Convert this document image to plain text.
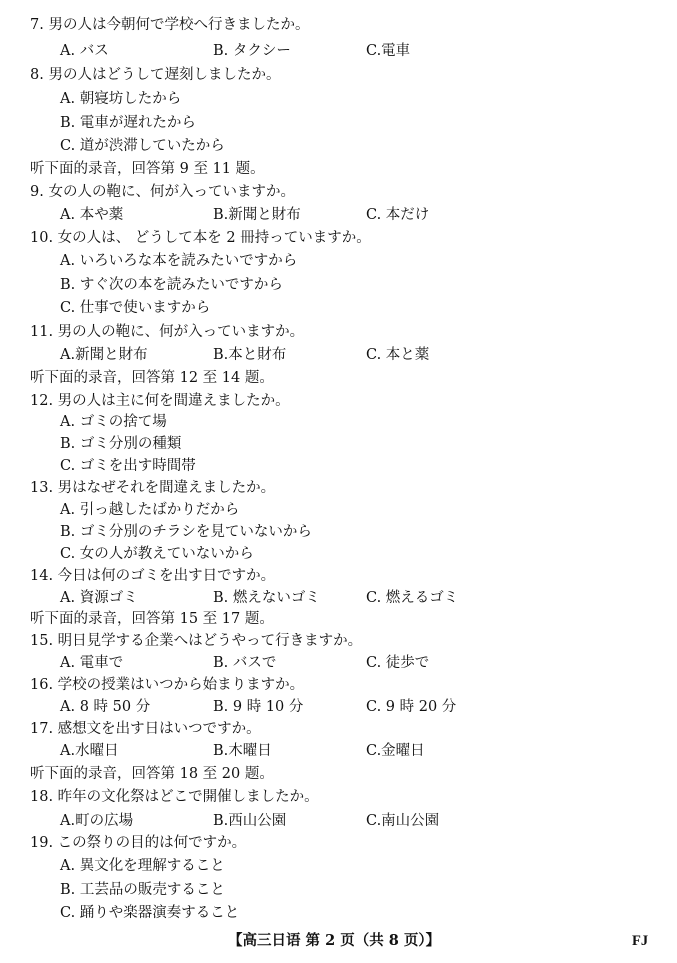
7. 男の人は今朝何で学校へ行きましたか。
A. バス	B. タクシー	C.電車
8. 男の人はどうして遅刻しましたか。
A. 朝寝坊したから
B. 電車が遅れたから
C. 道が渋滞していたから
听下面的录音，回答第 9 至 11 题。
9. 女の人の鞄に、何が入っていますか。
A. 本や薬	B.新聞と財布	C. 本だけ
10. 女の人は、 どうして本を 2 冊持っていますか。
A. いろいろな本を読みたいですから
B. すぐ次の本を読みたいですから
C. 仕事で使いますから
11. 男の人の鞄に、何が入っていますか。
A.新聞と財布	B.本と財布	C. 本と薬
听下面的录音，回答第 12 至 14 题。
12. 男の人は主に何を間違えましたか。
A. ゴミの捨て場
B. ゴミ分別の種類
C. ゴミを出す時間帯
13. 男はなぜそれを間違えましたか。
A. 引っ越したばかりだから
B. ゴミ分別のチラシを見ていないから
C. 女の人が教えていないから
14. 今日は何のゴミを出す日ですか。
A. 資源ゴミ	B. 燃えないゴミ	C. 燃えるゴミ
听下面的录音，回答第 15 至 17 题。
15. 明日見学する企業へはどうやって行きますか。
A. 電車で	B. バスで	C. 徒歩で
16. 学校の授業はいつから始まりますか。
A. 8 時 50 分	B. 9 時 10 分	C. 9 時 20 分
17. 感想文を出す日はいつですか。
A.水曜日	B.木曜日	C.金曜日
听下面的录音，回答第 18 至 20 题。
18. 昨年の文化祭はどこで開催しましたか。
A.町の広場	B.西山公園	C.南山公園
19. この祭りの目的は何ですか。
A. 異文化を理解すること
B. 工芸品の販売すること
C. 踊りや楽器演奏すること
【高三日语 第 2 页（共 8 页）】	FJ
